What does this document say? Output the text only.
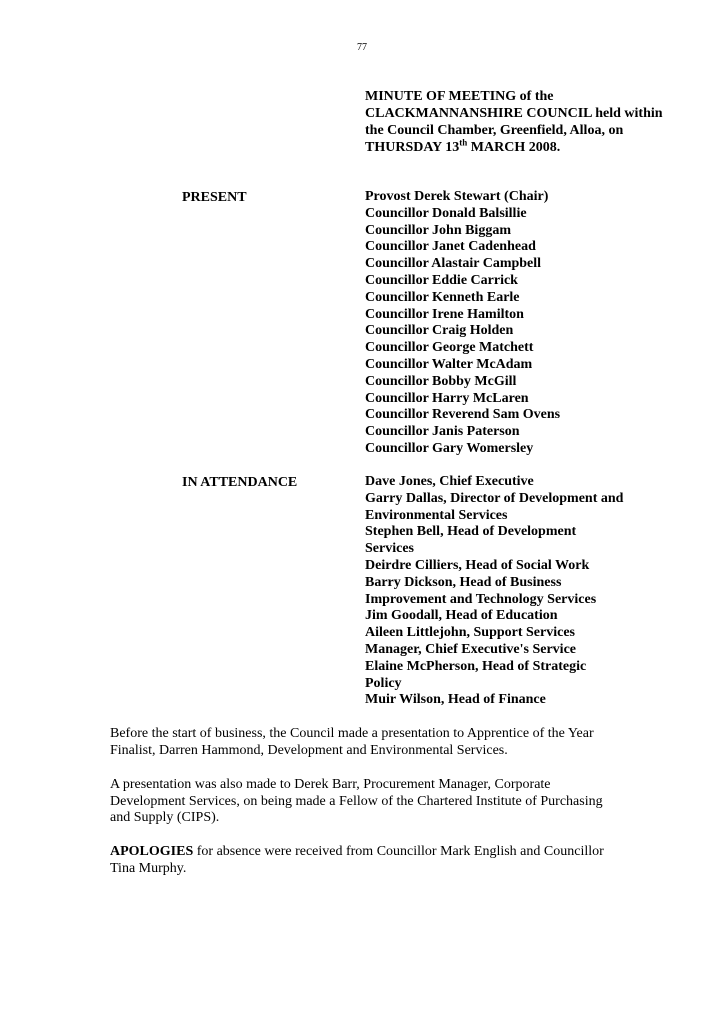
77
MINUTE OF MEETING of the CLACKMANNANSHIRE COUNCIL held within the Council Chamber, Greenfield, Alloa, on THURSDAY 13th MARCH 2008.
PRESENT	Provost Derek Stewart (Chair)
Councillor Donald Balsillie
Councillor John Biggam
Councillor Janet Cadenhead
Councillor Alastair Campbell
Councillor Eddie Carrick
Councillor Kenneth Earle
Councillor Irene Hamilton
Councillor Craig Holden
Councillor George Matchett
Councillor Walter McAdam
Councillor Bobby McGill
Councillor Harry McLaren
Councillor Reverend Sam Ovens
Councillor Janis Paterson
Councillor Gary Womersley
IN ATTENDANCE	Dave Jones, Chief Executive
Garry Dallas, Director of Development and Environmental Services
Stephen Bell, Head of Development Services
Deirdre Cilliers, Head of Social Work
Barry Dickson, Head of Business Improvement and Technology Services
Jim Goodall, Head of Education
Aileen Littlejohn, Support Services Manager, Chief Executive's Service
Elaine McPherson, Head of Strategic Policy
Muir Wilson, Head of Finance
Before the start of business, the Council made a presentation to Apprentice of the Year Finalist, Darren Hammond, Development and Environmental Services.
A presentation was also made to Derek Barr, Procurement Manager, Corporate Development Services, on being made a Fellow of the Chartered Institute of Purchasing and Supply (CIPS).
APOLOGIES for absence were received from Councillor Mark English and Councillor Tina Murphy.
